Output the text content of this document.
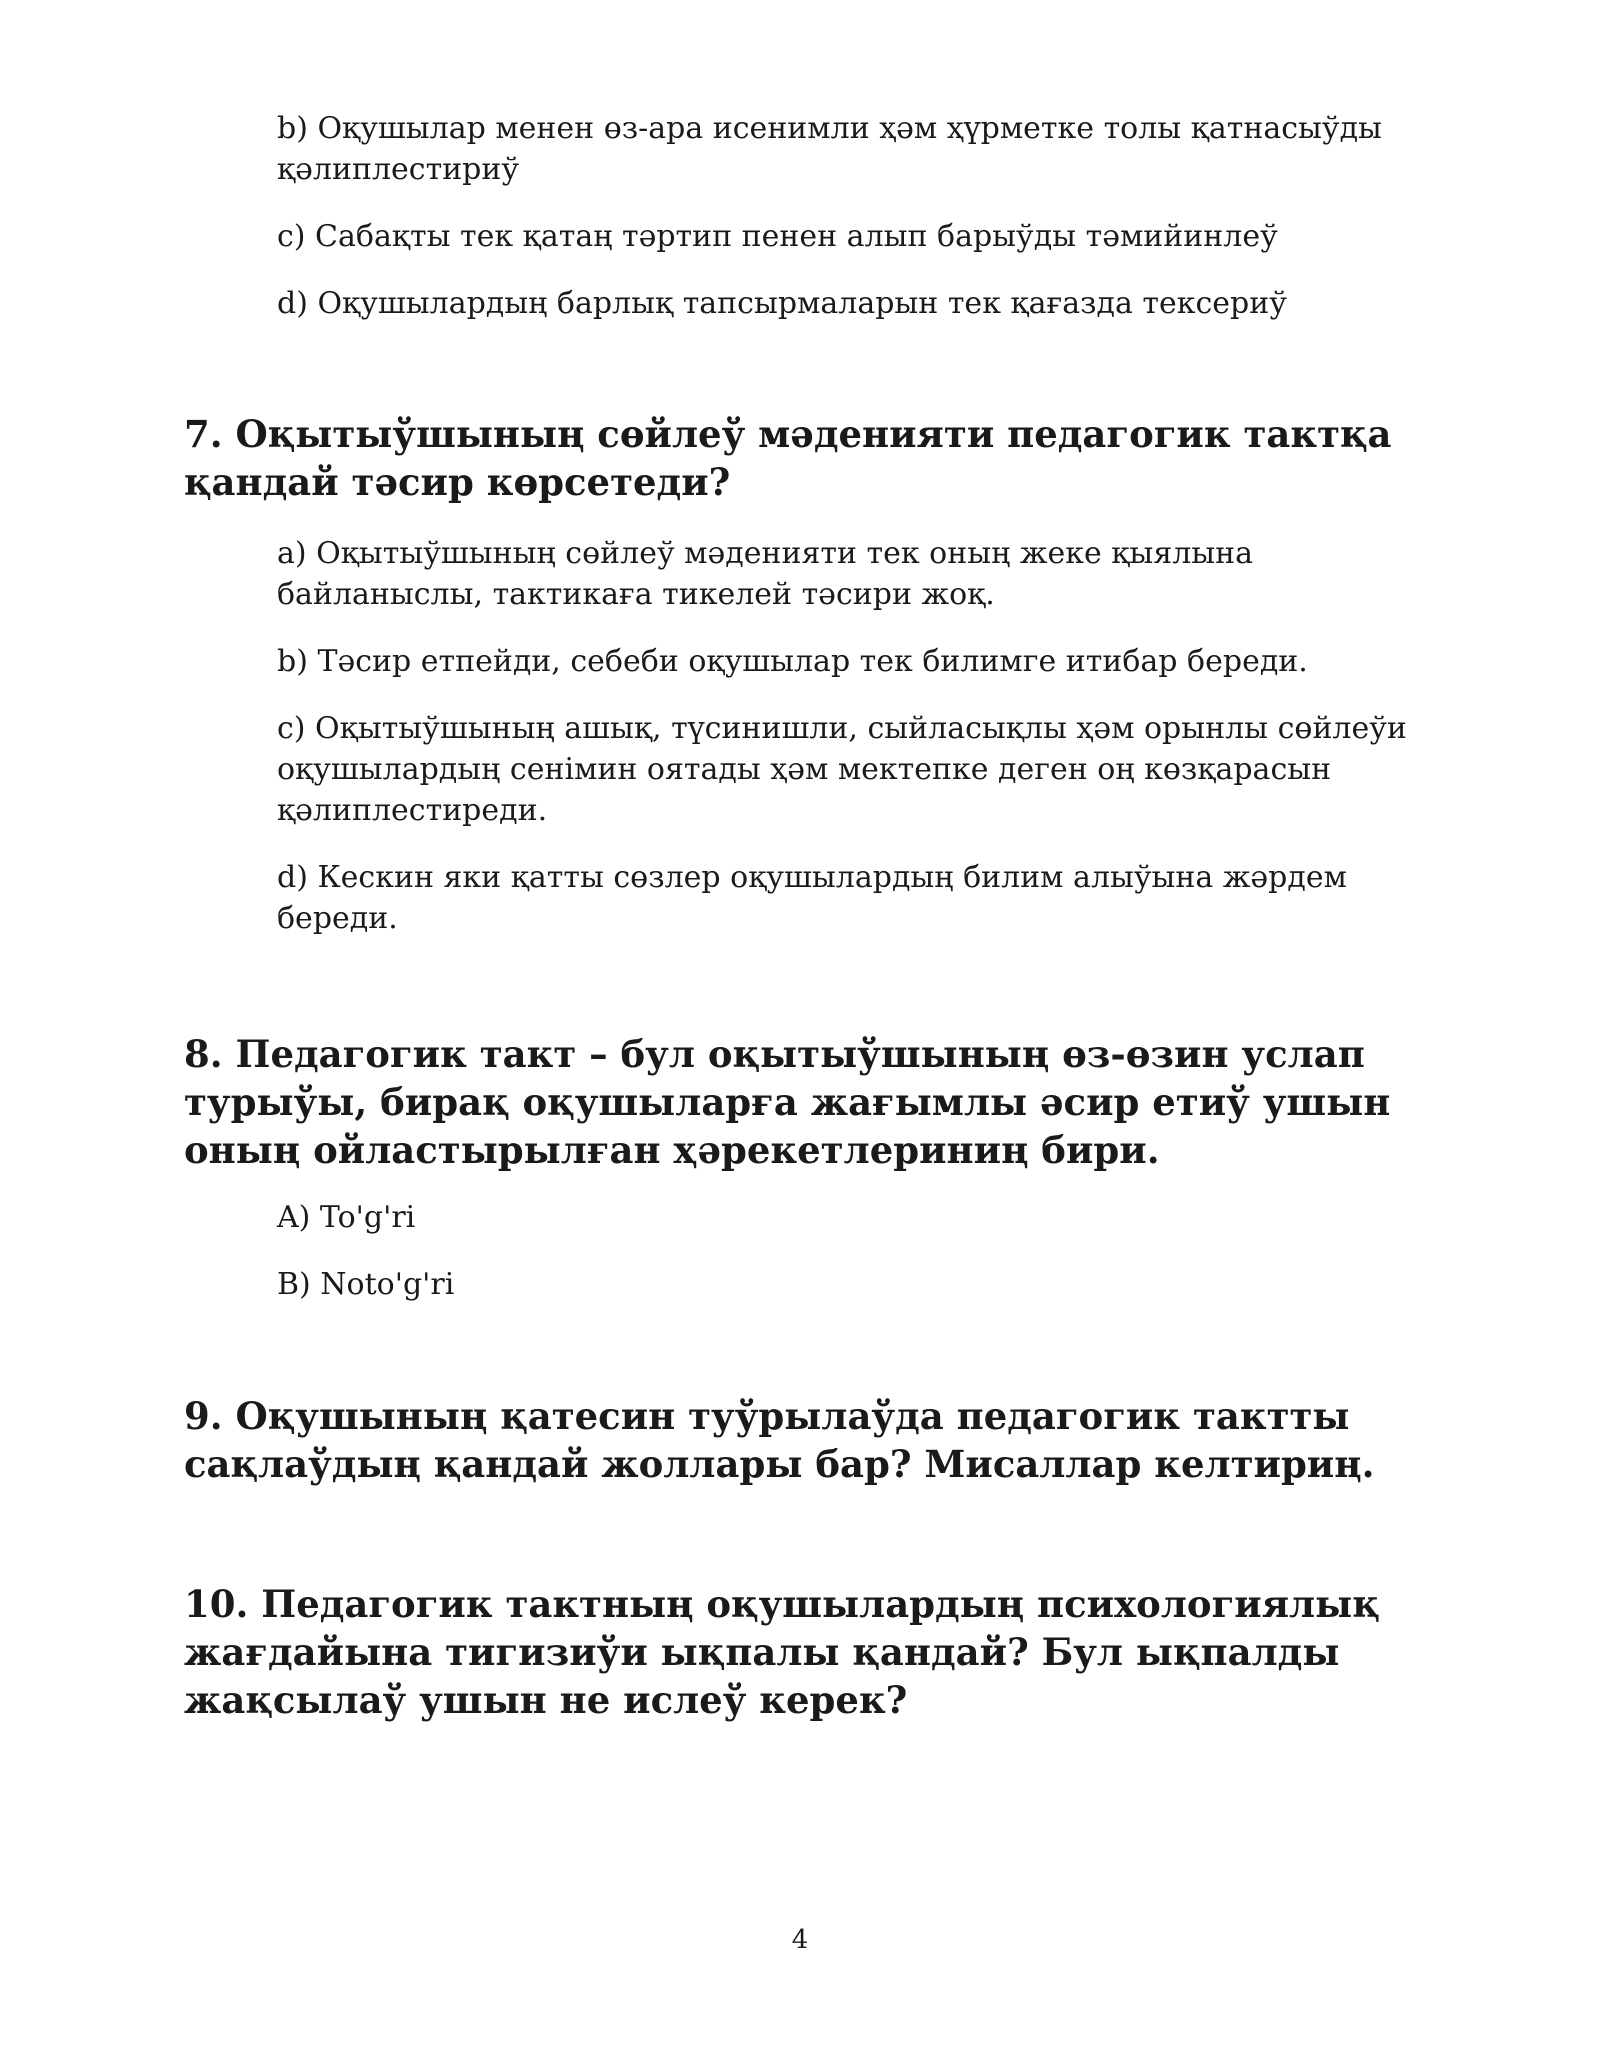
b) Оқушылар менен өз-ара исенимли ҳәм ҳүрметке толы қатнасыўды қәлиплестириў

c) Сабақты тек қатаң тәртип пенен алып барыўды тәмийинлеў

d) Оқушылардың барлық тапсырмаларын тек қағазда тексериў

7. Оқытыўшының сөйлеў мәденияти педагогик тактқа қандай тәсир көрсетеди?

a) Оқытыўшының сөйлеў мәденияти тек оның жеке қыялына байланыслы, тактикаға тикелей тәсири жоқ.

b) Тәсир етпейди, себеби оқушылар тек билимге итибар береди.

c) Оқытыўшының ашық, түсинишли, сыйласықлы ҳәм орынлы сөйлеўи оқушылардың сенімин оятады ҳәм мектепке деген оң көзқарасын қәлиплестиреди.

d) Кескин яки қатты сөзлер оқушылардың билим алыўына жәрдем береди.

8. Педагогик такт – бул оқытыўшының өз-өзин услап турыўы, бирақ оқушыларға жағымлы әсир етиў ушын оның ойластырылған ҳәрекетлериниң бири.

A) To'g'ri

B) Noto'g'ri

9. Оқушының қатесин туўрылаўда педагогик тактты сақлаўдың қандай жоллары бар? Мисаллар келтириң.
10. Педагогик тактның оқушылардың психологиялық жағдайына тигизиўи ықпалы қандай? Бул ықпалды жақсылаў ушын не ислеў керек?
4
